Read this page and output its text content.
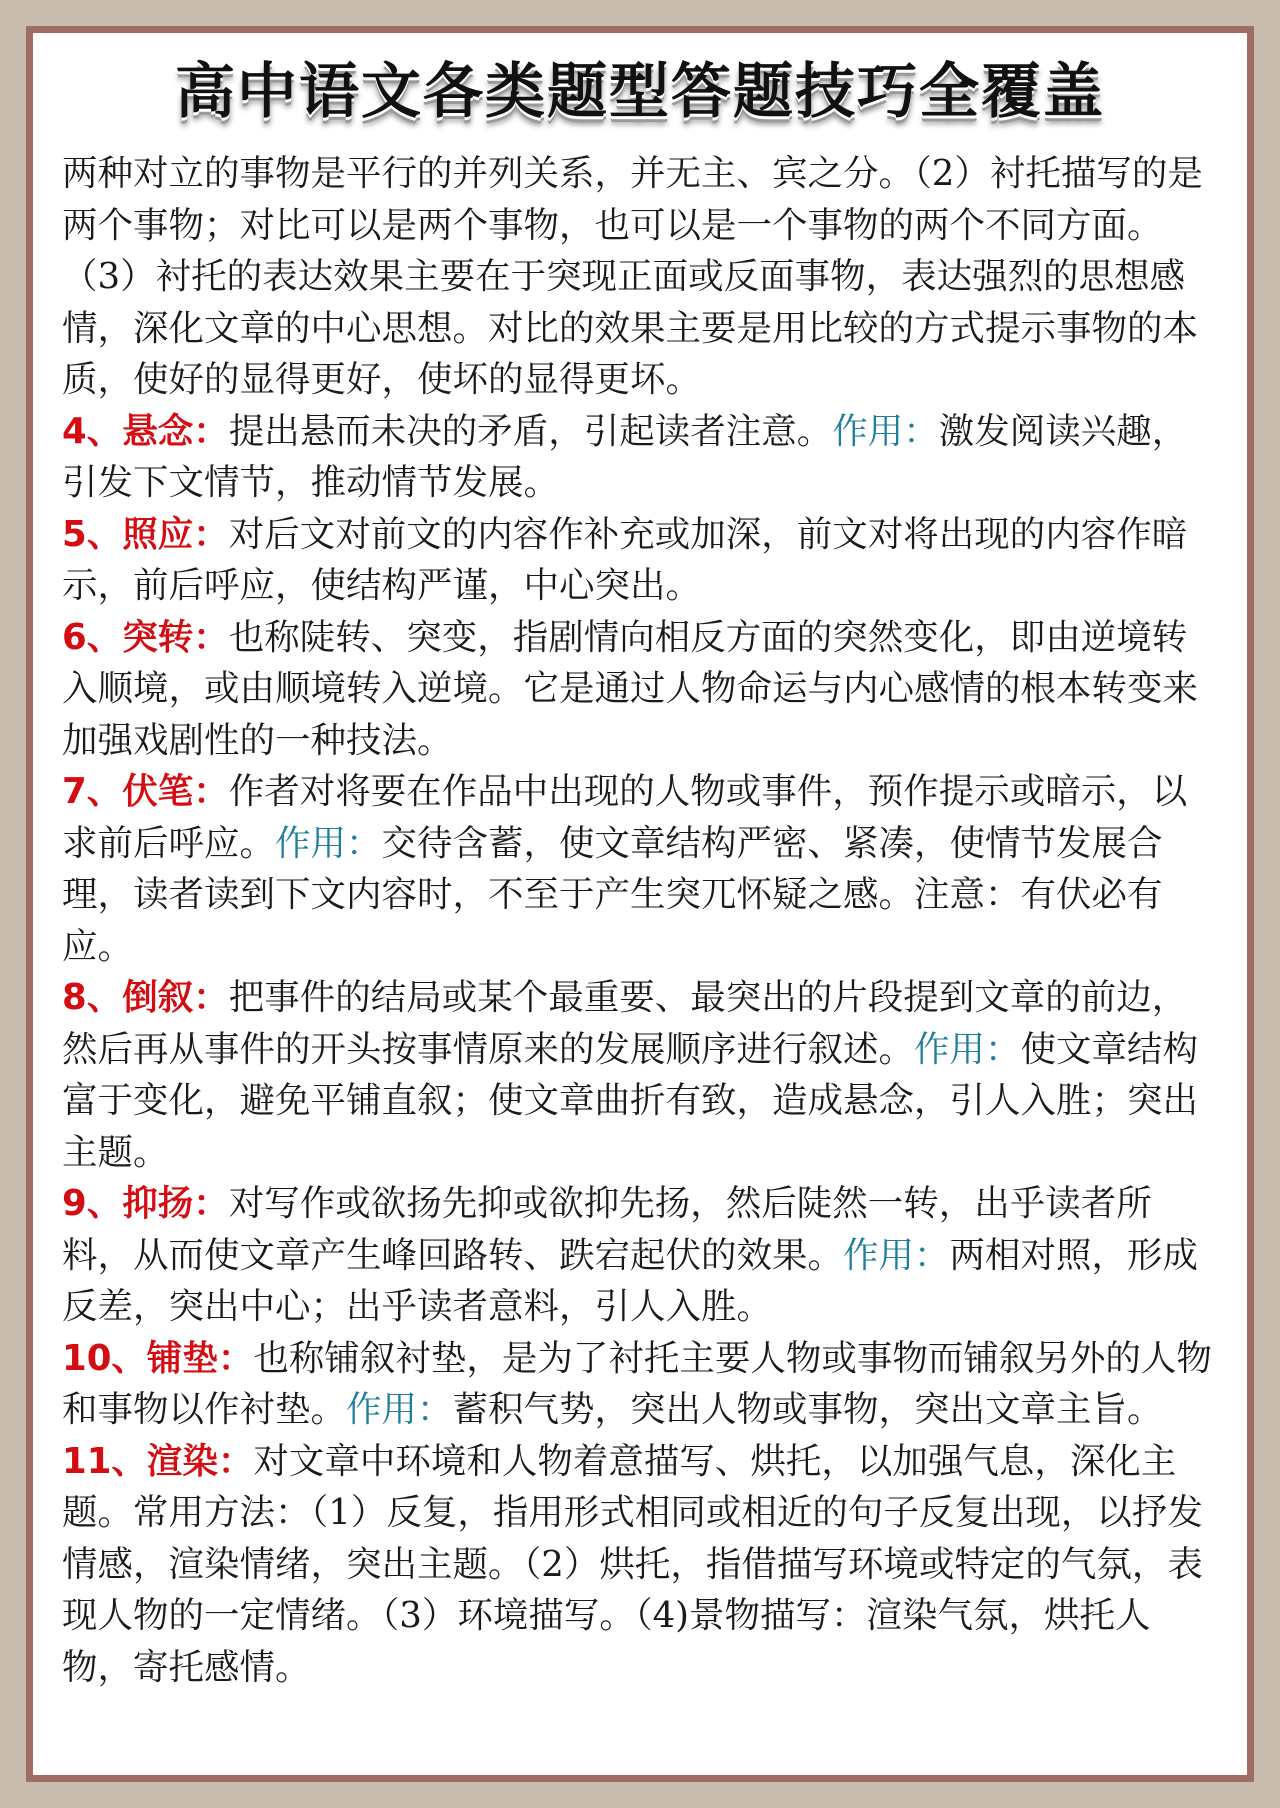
高中语文各类题型答题技巧全覆盖

两种对立的事物是平行的并列关系，并无主、宾之分。（2）衬托描写的是两个事物；对比可以是两个事物，也可以是一个事物的两个不同方面。（3）衬托的表达效果主要在于突现正面或反面事物，表达强烈的思想感情，深化文章的中心思想。对比的效果主要是用比较的方式提示事物的本质，使好的显得更好，使坏的显得更坏。

4、悬念：提出悬而未决的矛盾，引起读者注意。作用：激发阅读兴趣，引发下文情节，推动情节发展。

5、照应：对后文对前文的内容作补充或加深，前文对将出现的内容作暗示，前后呼应，使结构严谨，中心突出。

6、突转：也称陡转、突变，指剧情向相反方面的突然变化，即由逆境转入顺境，或由顺境转入逆境。它是通过人物命运与内心感情的根本转变来加强戏剧性的一种技法。

7、伏笔：作者对将要在作品中出现的人物或事件，预作提示或暗示，以求前后呼应。作用：交待含蓄，使文章结构严密、紧凑，使情节发展合理，读者读到下文内容时，不至于产生突兀怀疑之感。注意：有伏必有应。

8、倒叙：把事件的结局或某个最重要、最突出的片段提到文章的前边，然后再从事件的开头按事情原来的发展顺序进行叙述。作用：使文章结构富于变化，避免平铺直叙；使文章曲折有致，造成悬念，引人入胜；突出主题。

9、抑扬：对写作或欲扬先抑或欲抑先扬，然后陡然一转，出乎读者所料，从而使文章产生峰回路转、跌宕起伏的效果。作用：两相对照，形成反差，突出中心；出乎读者意料，引人入胜。

10、铺垫：也称铺叙衬垫，是为了衬托主要人物或事物而铺叙另外的人物和事物以作衬垫。作用：蓄积气势，突出人物或事物，突出文章主旨。

11、渲染：对文章中环境和人物着意描写、烘托，以加强气息，深化主题。常用方法：（1）反复，指用形式相同或相近的句子反复出现，以抒发情感，渲染情绪，突出主题。（2）烘托，指借描写环境或特定的气氛，表现人物的一定情绪。（3）环境描写。（4)景物描写：渲染气氛，烘托人物，寄托感情。
